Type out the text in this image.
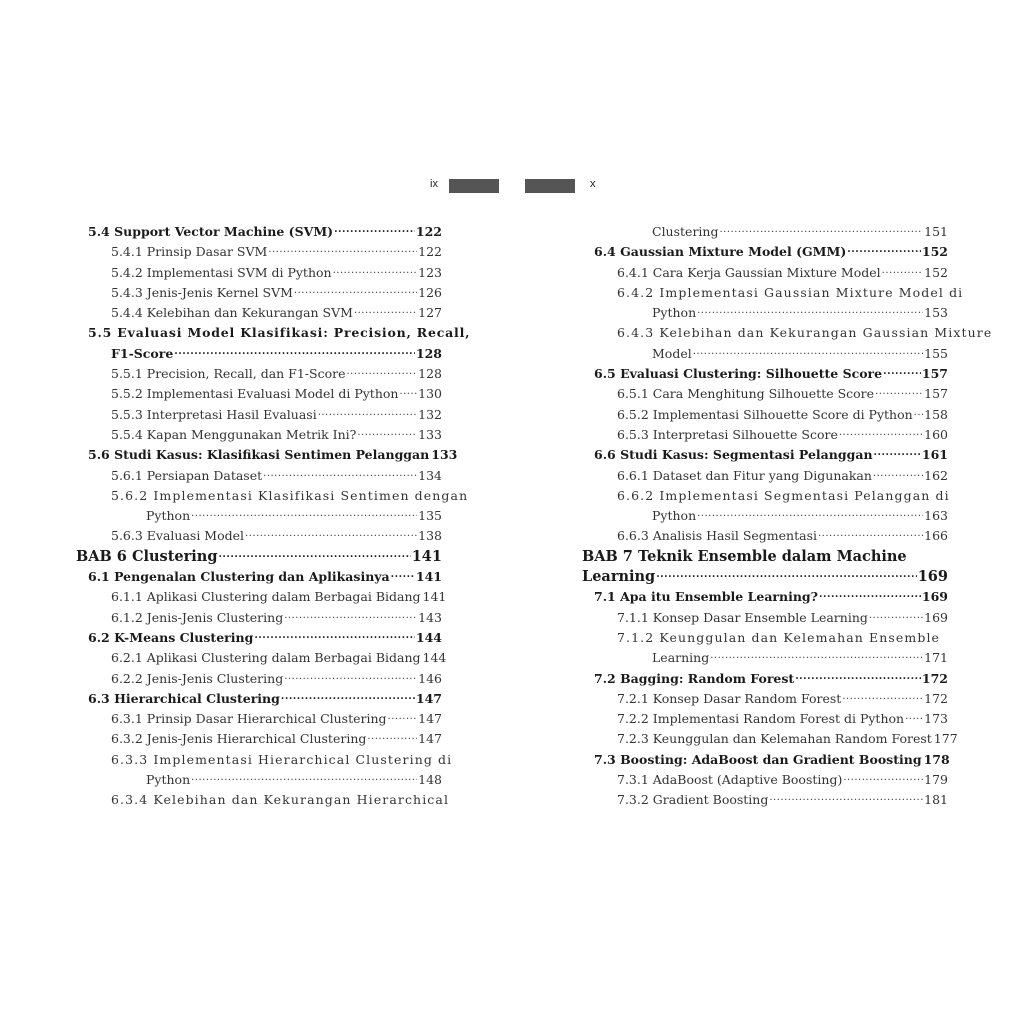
ix	x
5.4 Support Vector Machine (SVM) .....	122
5.4.1 Prinsip Dasar SVM .....	122
5.4.2 Implementasi SVM di Python .....	123
5.4.3 Jenis-Jenis Kernel SVM .....	126
5.4.4 Kelebihan dan Kekurangan SVM .....	127
5.5 Evaluasi Model Klasifikasi: Precision, Recall,
F1-Score .....	128
5.5.1 Precision, Recall, dan F1-Score .....	128
5.5.2 Implementasi Evaluasi Model di Python ..... 130
5.5.3 Interpretasi Hasil Evaluasi .....	132
5.5.4 Kapan Menggunakan Metrik Ini? .....	133
5.6 Studi Kasus: Klasifikasi Sentimen Pelanggan 133
5.6.1 Persiapan Dataset .....	134
5.6.2 Implementasi Klasifikasi Sentimen dengan
Python .....	135
5.6.3 Evaluasi Model .....	138
BAB 6 Clustering .....	141
6.1 Pengenalan Clustering dan Aplikasinya ..... 141
6.1.1 Aplikasi Clustering dalam Berbagai Bidang 141
6.1.2 Jenis-Jenis Clustering .....	143
6.2 K-Means Clustering .....	144
6.2.1 Aplikasi Clustering dalam Berbagai Bidang 144
6.2.2 Jenis-Jenis Clustering .....	146
6.3 Hierarchical Clustering .....	147
6.3.1 Prinsip Dasar Hierarchical Clustering .....	147
6.3.2 Jenis-Jenis Hierarchical Clustering .....	147
6.3.3 Implementasi Hierarchical Clustering di
Python .....	148
6.3.4 Kelebihan dan Kekurangan Hierarchical
Clustering .....	151
6.4 Gaussian Mixture Model (GMM) .....	152
6.4.1 Cara Kerja Gaussian Mixture Model .....	152
6.4.2 Implementasi Gaussian Mixture Model di
Python .....	153
6.4.3 Kelebihan dan Kekurangan Gaussian Mixture
Model .....	155
6.5 Evaluasi Clustering: Silhouette Score .....	157
6.5.1 Cara Menghitung Silhouette Score .....	157
6.5.2 Implementasi Silhouette Score di Python ..... 158
6.5.3 Interpretasi Silhouette Score .....	160
6.6 Studi Kasus: Segmentasi Pelanggan .....	161
6.6.1 Dataset dan Fitur yang Digunakan .....	162
6.6.2 Implementasi Segmentasi Pelanggan di
Python .....	163
6.6.3 Analisis Hasil Segmentasi .....	166
BAB 7 Teknik Ensemble dalam Machine
Learning .....	169
7.1 Apa itu Ensemble Learning? .....	169
7.1.1 Konsep Dasar Ensemble Learning .....	169
7.1.2 Keunggulan dan Kelemahan Ensemble
Learning .....	171
7.2 Bagging: Random Forest .....	172
7.2.1 Konsep Dasar Random Forest .....	172
7.2.2 Implementasi Random Forest di Python ..... 173
7.2.3 Keunggulan dan Kelemahan Random Forest 177
7.3 Boosting: AdaBoost dan Gradient Boosting 178
7.3.1 AdaBoost (Adaptive Boosting) .....	179
7.3.2 Gradient Boosting .....	181
